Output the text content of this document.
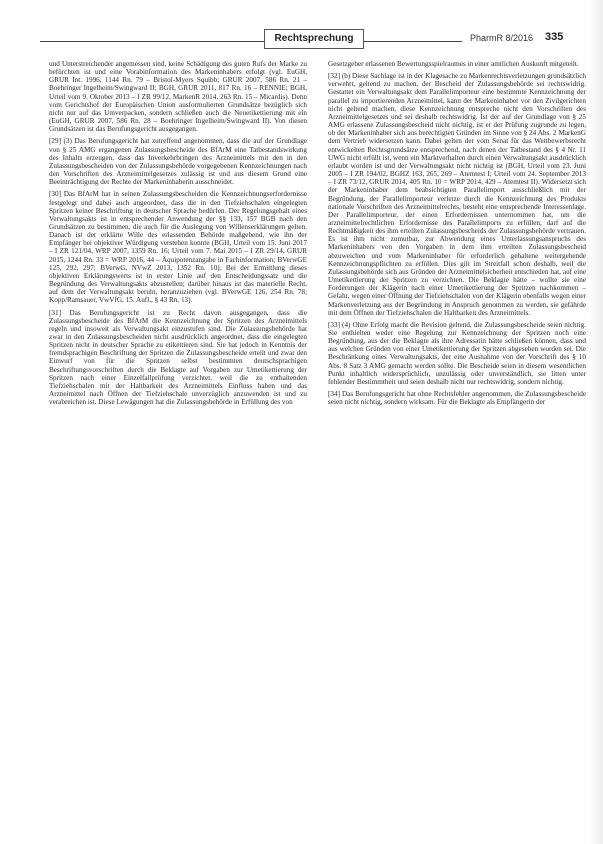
Rechtsprechung	PharmR 8/2016 335

und Unterstreichender angemessen sind, keine Schädigung des guten Rufs der Marke zu befürchten ist und eine Vorabinformation des Markeninhabers erfolgt (vgl. EuGH, GRUR Int. 1996, 1144 Rn. 79 – Bristol-Myers Squibb; GRUR 2007, 586 Rn. 21 – Boehringer Ingelheim/Swingward II; BGH, GRUR 2011, 817 Rn. 16 – RENNIE; BGH, Urteil vom 9. Oktober 2013 – I ZR 99/12, MarkenR 2014, 263 Rn. 15 – Micardis). Denn vom Gerichtshof der Europäischen Union ausformulierten Grundsätze bezüglich sich nicht nur auf das Umverpacken, sondern schließen auch die Neuetikettierung mit ein (EuGH, GRUR 2007, 586 Rn. 28 – Boehringer Ingelheim/Swingward II). Von diesen Grundsätzen ist das Berufungsgericht ausgegangen.

[29] (3) Das Berufungsgericht hat zutreffend angenommen, dass die auf der Grundlage von § 25 AMG ergangenen Zulassungsbescheide des BfArM eine Tatbestandswirkung des Inhalts erzeugen, dass das Inverkehrbringen des Arzneimittels mit den in den Zulassungsbescheiden von der Zulassungsbehörde vorgegebenen Kennzeichnungen nach den Vorschriften des Arzneimittelgesetzes zulässig ist und aus diesem Grund eine Beeinträchtigung der Rechte der Markeninhaberin ausschneidet.

[30] Das BfArM hat in seinen Zulassungsbescheiden die Kennzeichnungserfordernisse festgelegt und dabei auch angeordnet, dass die in den Tiefziehschalen eingelegten Spritzen keiner Beschriftung in deutscher Sprache bedürfen. Der Regelungsgehalt eines Verwaltungsakts ist in entsprechender Anwendung der §§ 133, 157 BGB nach den Grundsätzen zu bestimmen, die auch für die Auslegung von Willenserklärungen gelten. Danach ist der erklärte Wille des erlassenden Behörde maßgebend, wie ihn der Empfänger bei objektiver Würdigung verstehen konnte (BGH, Urteil vom 15. Juni 2017 – I ZR 121/04, WRP 2007, 1359 Rn. 16; Urteil vom 7. Mai 2015 – I ZR 29/14, GRUR 2015, 1244 Rn. 33 = WRP 2016, 44 – Äquipotenzangabe in Fachinformation; BVerwGE 125, 292, 297; BVerwG, NVwZ 2013, 1352 Rn. 10). Bei der Ermittlung dieses objektiven Erklärungswerts ist in erster Linie auf den Entscheidungssatz und die Begründung des Verwaltungsakts abzustellen; darüber hinaus ist das materielle Recht, auf dem der Verwaltungsakt beruht, heranzuziehen (vgl. BVerwGE 126, 254 Rn. 78; Kopp/Ramsauer, VwVfG, 15. Aufl., § 43 Rn. 13).

[31] Das Berufungsgericht ist zu Recht davon ausgegangen, dass die Zulassungsbescheide des BfArM die Kennzeichnung der Spritzen des Arzneimittels regeln und insoweit als Verwaltungsakt einzustufen sind. Die Zulassungsbehörde hat zwar in den Zulassungsbescheiden nicht ausdrücklich angeordnet, dass die eingelegten Spritzen nicht in deutscher Sprache zu etikettieren sind. Sie hat jedoch in Kenntnis der fremdsprachigen Beschriftung der Spritzen die Zulassungsbescheide erteilt und zwar den Einwurf von für die Spritzen selbst bestimmten deutschsprachigen Beschriftungsvorschriften durch die Beklagte auf Vorgaben zur Umetikettierung der Spritzen nach einer Einzelfallprüfung verzichtet, weil die zu enthaltenden Tiefziehschalen mit der Haltbarkeit des Arzneimittels Einfluss haben und das Arzneimittel nach Öffnen der Tiefziehschale unverzüglich anzuwenden ist und zu verabreichen ist. Diese Lewägungen hat die Zulassungsbehörde in Erfüllung des von

Gesetzgeber erlassenen Bewertungsspielraumes in einer amtlichen Auskunft mitgeteilt.

[32] (b) Diese Sachlage ist in der Klagesache zu Markenrechtsverletzungen grundsätzlich verwehrt, geltend zu machen, der Bescheid der Zulassungsbehörde sei rechtswidrig. Gestattet ein Verwaltungsakt dem Parallelimporteur eine bestimmte Kennzeichnung der parallel zu importierenden Arzneimittel, kann der Markeninhaber vor den Zivilgerichten nicht geltend machen, diese Kennzeichnung entspreche nicht den Vorschriften des Arzneimittelgesetzes und sei deshalb rechtswidrig. Ist der auf der Grundlage von § 25 AMG erlassene Zulassungsbescheid nicht nichtig, ist er der Prüfung zugrunde zu legen, ob der Markeninhaber sich aus berechtigten Gründen im Sinne von § 24 Abs. 2 MarkenG dem Vertrieb widersetzen kann. Dabei gelten der vom Senat für das Wettbewerbsrecht entwickelten Rechtsgrundsätze entsprechend, nach denen der Tatbestand des § 4 Nr. 11 UWG nicht erfüllt ist, wenn ein Marktverhalten durch einen Verwaltungsakt ausdrücklich erlaubt worden ist und der Verwaltungsakt nicht nichtig ist (BGH, Urteil vom 23. Juni 2005 – I ZR 194/02, BGHZ 163, 265, 269 – Atemtest I; Urteil vom 24. September 2013 – I ZR 73/12, GRUR 2014, 405 Rn. 10 = WRP 2014, 429 – Atemtest II). Widersetzt sich der Markeninhaber dem beabsichtigten Parallelimport ausschließlich mit der Begründung, der Parallelimporteur verletze durch die Kennzeichnung des Produkts nationale Vorschriften des Arzneimittelrechts, besteht eine entsprechende Interessenlage. Der Parallelimporteur, der einen Erfordernissen unternommen hat, um die arzneimittelrechtlichen Erfordernisse des Parallelimports zu erfüllen, darf auf die Rechtmäßigkeit des ihm erteilten Zulassungsbescheids der Zulassungsbehörde vertrauen. Es ist ihm nicht zumutbar, zur Abwendung eines Unterlassungsanspruchs des Markeninhabers von den Vorgaben in dem ihm erteilten Zulassungsbescheid abzuweichen und vom Markeninhaber für erforderlich gehaltene weitergehende Kennzeichnungspflichten zu erfüllen. Dies gilt im Streitfall schon deshalb, weil die Zulassungsbehörde sich aus Gründen der Arzneimittelsicherheit entschieden hat, auf eine Umetikettierung der Spritzen zu verzichten. Die Beklagte hätte – wollte sie eine Forderungen der Klägerin nach einer Umetikettierung der Spritzen nachkommen – Gefahr, wegen einer Öffnung der Tiefziehschalen von der Klägerin ebenfalls wegen einer Markenverletzung aus der Begründung in Anspruch genommen zu werden, sie gefährde mit dem Öffnen der Tiefziehschalen die Haltbarkeit des Arzneimittels.

[33] (4) Ohne Erfolg macht die Revision geltend, die Zulassungsbescheide seien nichtig. Sie enthielten weder eine Regelung zur Kennzeichnung der Spritzen noch eine Begründung, aus der die Beklagte als ihre Adressatin hätte schließen können, dass und aus welchen Gründen von einer Umetikettierung der Spritzen abgesehen worden sei. Die Beschränkung eines Verwaltungsakts, der eine Ausnahme von der Vorschrift des § 10 Abs. 8 Satz 3 AMG gemacht werden sollte. Die Bescheide seien in diesem wesentlichen Punkt inhaltlich widersprüchlich, unzulässig oder unverständlich, sie litten unter fehlender Bestimmtheit und seien deshalb nicht nur rechtswidrig, sondern nichtig.

[34] Das Berufungsgericht hat ohne Rechtsfehler angenommen, die Zulassungsbescheide seien nicht nichtig, sondern wirksam. Für die Beklagte als Empfängerin der
